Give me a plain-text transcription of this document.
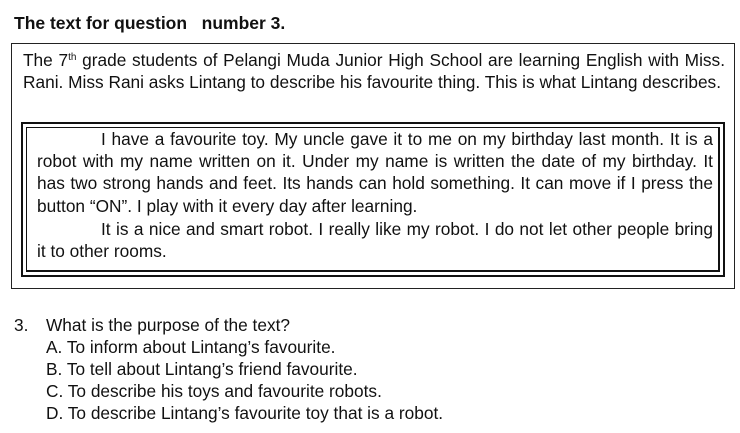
The text for question   number 3.
The 7th grade students of Pelangi Muda Junior High School are learning English with Miss. Rani. Miss Rani asks Lintang to describe his favourite thing. This is what Lintang describes.

I have a favourite toy. My uncle gave it to me on my birthday last month. It is a robot with my name written on it. Under my name is written the date of my birthday. It has two strong hands and feet. Its hands can hold something. It can move if I press the button “ON”. I play with it every day after learning.

It is a nice and smart robot. I really like my robot. I do not let other people bring it to other rooms.

3. What is the purpose of the text?
A. To inform about Lintang’s favourite.
B. To tell about Lintang’s friend favourite.
C. To describe his toys and favourite robots.
D. To describe Lintang’s favourite toy that is a robot.
